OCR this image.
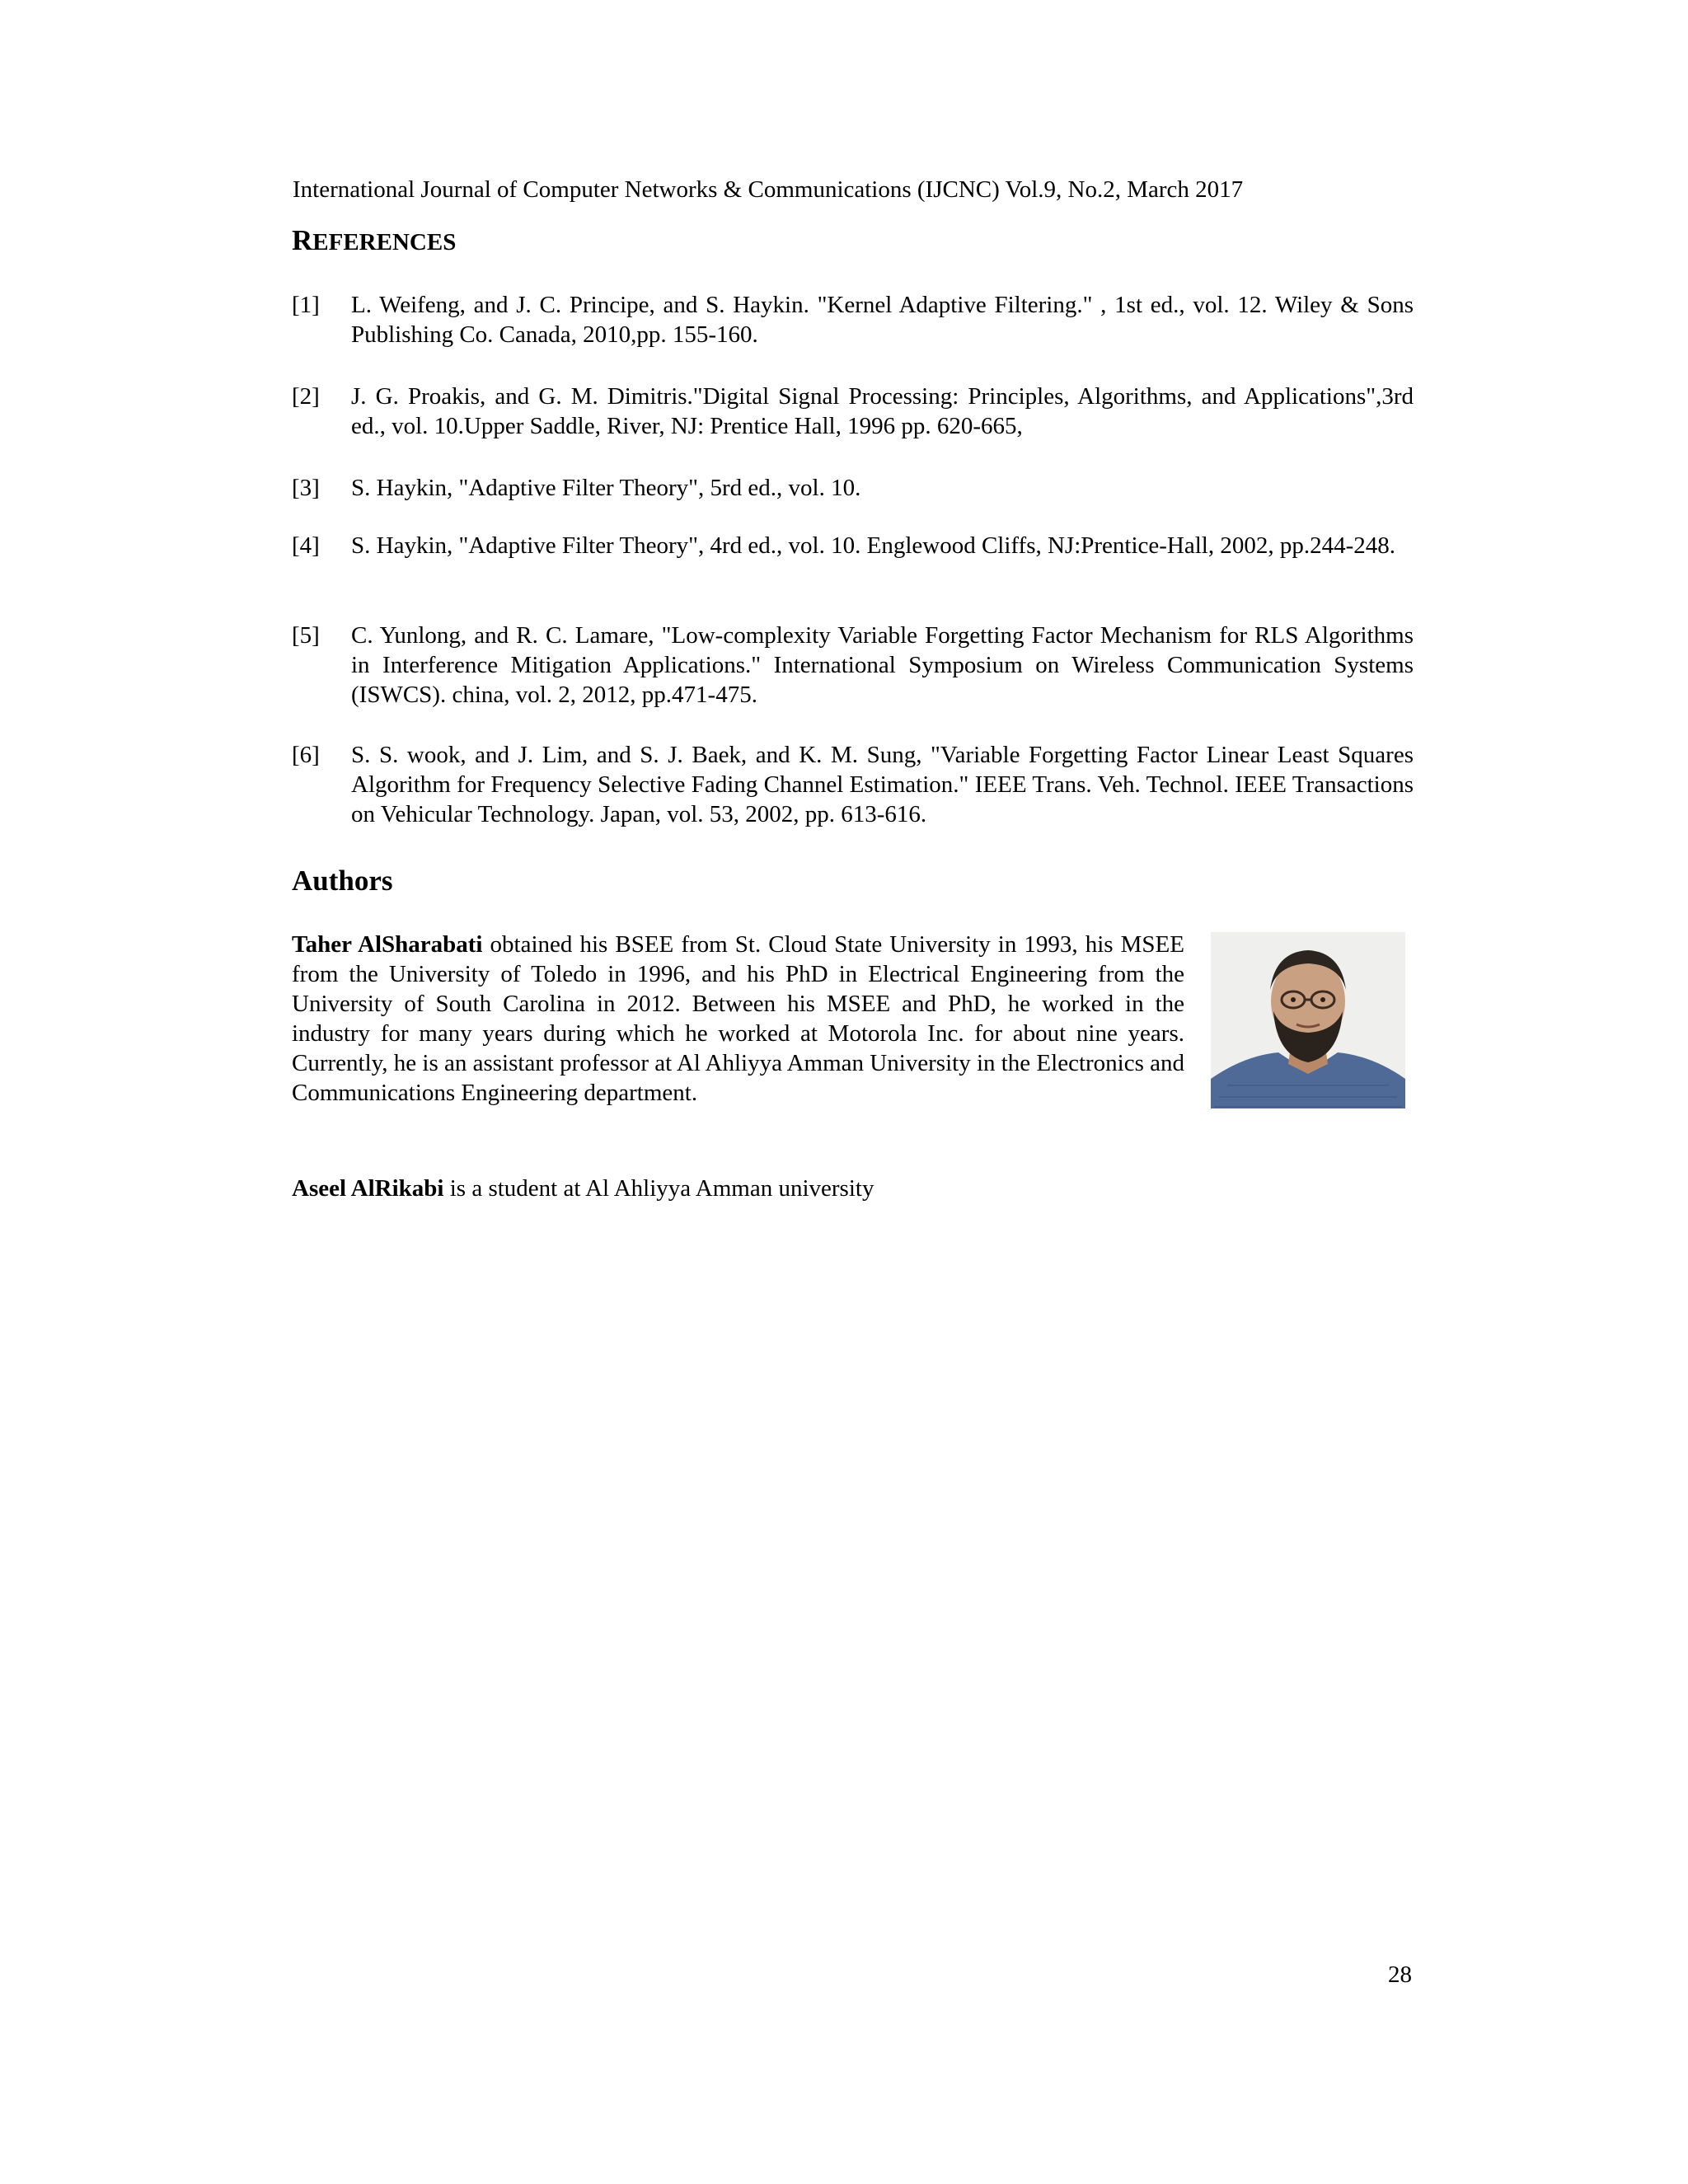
International Journal of Computer Networks & Communications (IJCNC) Vol.9, No.2, March 2017
REFERENCES
[1] L. Weifeng, and J. C. Principe, and S. Haykin. "Kernel Adaptive Filtering." , 1st ed., vol. 12. Wiley & Sons Publishing Co. Canada, 2010,pp. 155-160.
[2] J. G. Proakis, and G. M. Dimitris."Digital Signal Processing: Principles, Algorithms, and Applications",3rd ed., vol. 10.Upper Saddle, River, NJ: Prentice Hall, 1996 pp. 620-665,
[3] S. Haykin, "Adaptive Filter Theory", 5rd ed., vol. 10.
[4] S. Haykin, "Adaptive Filter Theory", 4rd ed., vol. 10. Englewood Cliffs, NJ:Prentice-Hall, 2002, pp.244-248.
[5] C. Yunlong, and R. C. Lamare, "Low-complexity Variable Forgetting Factor Mechanism for RLS Algorithms in Interference Mitigation Applications." International Symposium on Wireless Communication Systems (ISWCS). china, vol. 2, 2012, pp.471-475.
[6] S. S. wook, and J. Lim, and S. J. Baek, and K. M. Sung, "Variable Forgetting Factor Linear Least Squares Algorithm for Frequency Selective Fading Channel Estimation." IEEE Trans. Veh. Technol. IEEE Transactions on Vehicular Technology. Japan, vol. 53, 2002, pp. 613-616.
Authors
Taher AlSharabati obtained his BSEE from St. Cloud State University in 1993, his MSEE from the University of Toledo in 1996, and his PhD in Electrical Engineering from the University of South Carolina in 2012. Between his MSEE and PhD, he worked in the industry for many years during which he worked at Motorola Inc. for about nine years. Currently, he is an assistant professor at Al Ahliyya Amman University in the Electronics and Communications Engineering department.
Aseel AlRikabi is a student at Al Ahliyya Amman university
28
